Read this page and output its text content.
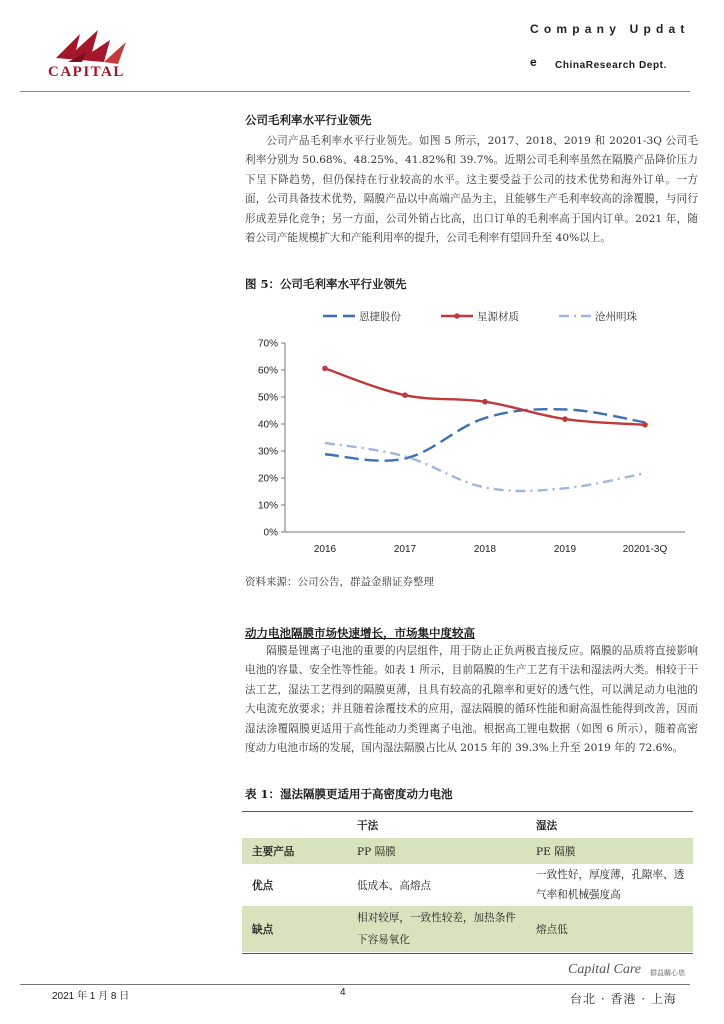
CAPITAL
Company Updat
e ChinaResearch Dept.
公司毛利率水平行业领先
公司产品毛利率水平行业领先。如图 5 所示，2017、2018、2019 和 20201-3Q 公司毛利率分别为 50.68%、48.25%、41.82%和 39.7%。近期公司毛利率虽然在隔膜产品降价压力下呈下降趋势，但仍保持在行业较高的水平。这主要受益于公司的技术优势和海外订单。一方面，公司具备技术优势，隔膜产品以中高端产品为主，且能够生产毛利率较高的涂覆膜，与同行形成差异化竞争；另一方面，公司外销占比高，出口订单的毛利率高于国内订单。2021 年，随着公司产能规模扩大和产能利用率的提升，公司毛利率有望回升至 40%以上。
图 5：公司毛利率水平行业领先
恩捷股份	星源材质	沧州明珠
0%
10%
20%
30%
40%
50%
60%
70%
2016	2017	2018	2019	20201-3Q
资料来源：公司公告，群益金鼎证券整理
动力电池隔膜市场快速增长，市场集中度较高
隔膜是锂离子电池的重要的内层组件，用于防止正负两极直接反应。隔膜的品质将直接影响电池的容量、安全性等性能。如表 1 所示，目前隔膜的生产工艺有干法和湿法两大类。相较于干法工艺，湿法工艺得到的隔膜更薄，且具有较高的孔隙率和更好的透气性，可以满足动力电池的大电流充放要求；并且随着涂覆技术的应用，湿法隔膜的循环性能和耐高温性能得到改善，因而湿法涂覆隔膜更适用于高性能动力类锂离子电池。根据高工锂电数据（如图 6 所示），随着高密度动力电池市场的发展，国内湿法隔膜占比从 2015 年的 39.3%上升至 2019 年的 72.6%。
表 1：湿法隔膜更适用于高密度动力电池
	干法	湿法
主要产品	PP 隔膜	PE 隔膜
优点	低成本、高熔点	一致性好，厚度薄，孔隙率、透气率和机械强度高
缺点	相对较厚，一致性较差，加热条件下容易氧化	熔点低
Capital Care 群益關心您
2021 年 1 月 8 日	4	台北 · 香港 · 上海
